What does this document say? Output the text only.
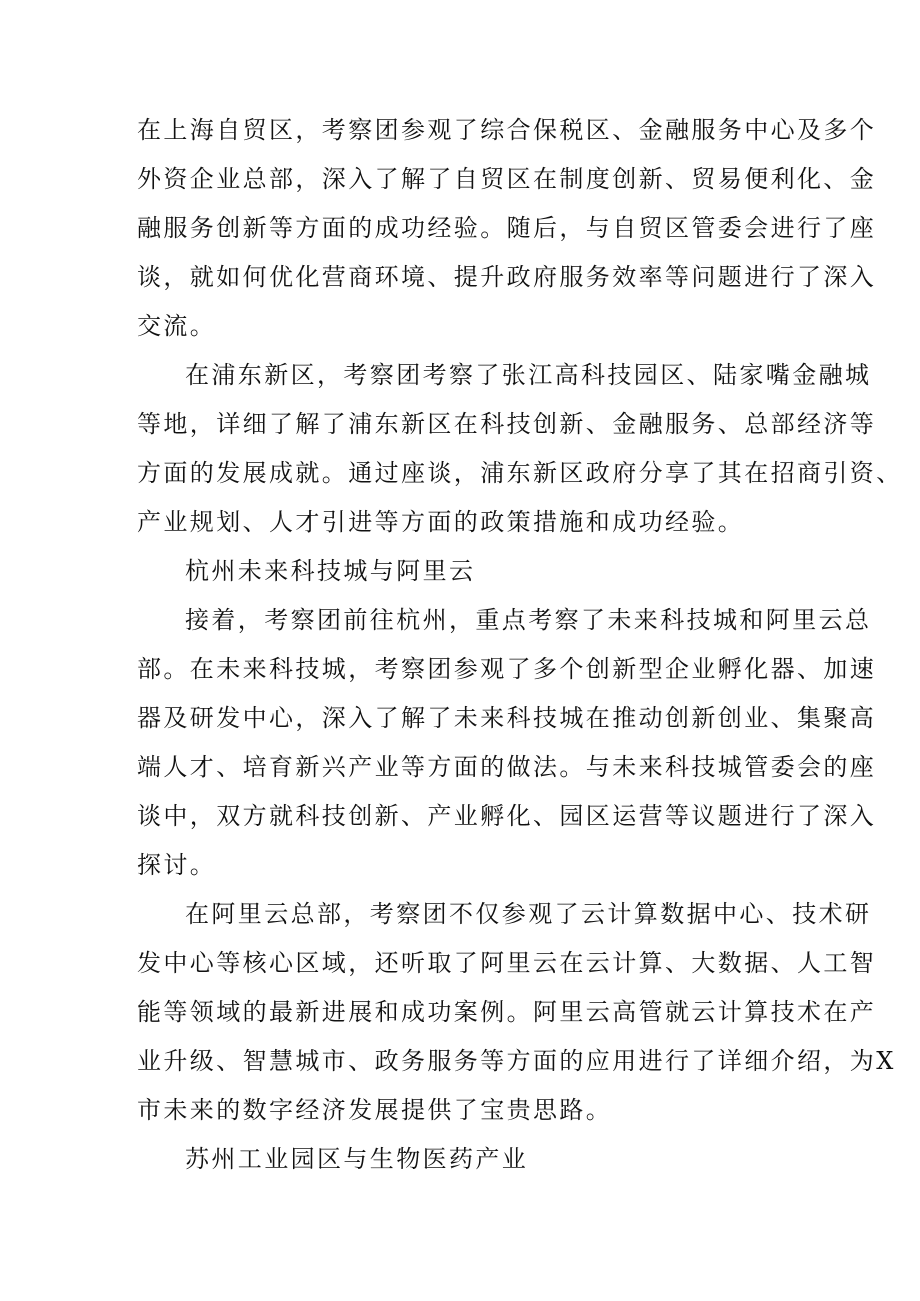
在上海自贸区，考察团参观了综合保税区、金融服务中心及多个
外资企业总部，深入了解了自贸区在制度创新、贸易便利化、金
融服务创新等方面的成功经验。随后，与自贸区管委会进行了座
谈，就如何优化营商环境、提升政府服务效率等问题进行了深入
交流。
在浦东新区，考察团考察了张江高科技园区、陆家嘴金融城
等地，详细了解了浦东新区在科技创新、金融服务、总部经济等
方面的发展成就。通过座谈，浦东新区政府分享了其在招商引资、
产业规划、人才引进等方面的政策措施和成功经验。
杭州未来科技城与阿里云
接着，考察团前往杭州，重点考察了未来科技城和阿里云总
部。在未来科技城，考察团参观了多个创新型企业孵化器、加速
器及研发中心，深入了解了未来科技城在推动创新创业、集聚高
端人才、培育新兴产业等方面的做法。与未来科技城管委会的座
谈中，双方就科技创新、产业孵化、园区运营等议题进行了深入
探讨。
在阿里云总部，考察团不仅参观了云计算数据中心、技术研
发中心等核心区域，还听取了阿里云在云计算、大数据、人工智
能等领域的最新进展和成功案例。阿里云高管就云计算技术在产
业升级、智慧城市、政务服务等方面的应用进行了详细介绍，为X
市未来的数字经济发展提供了宝贵思路。
苏州工业园区与生物医药产业
